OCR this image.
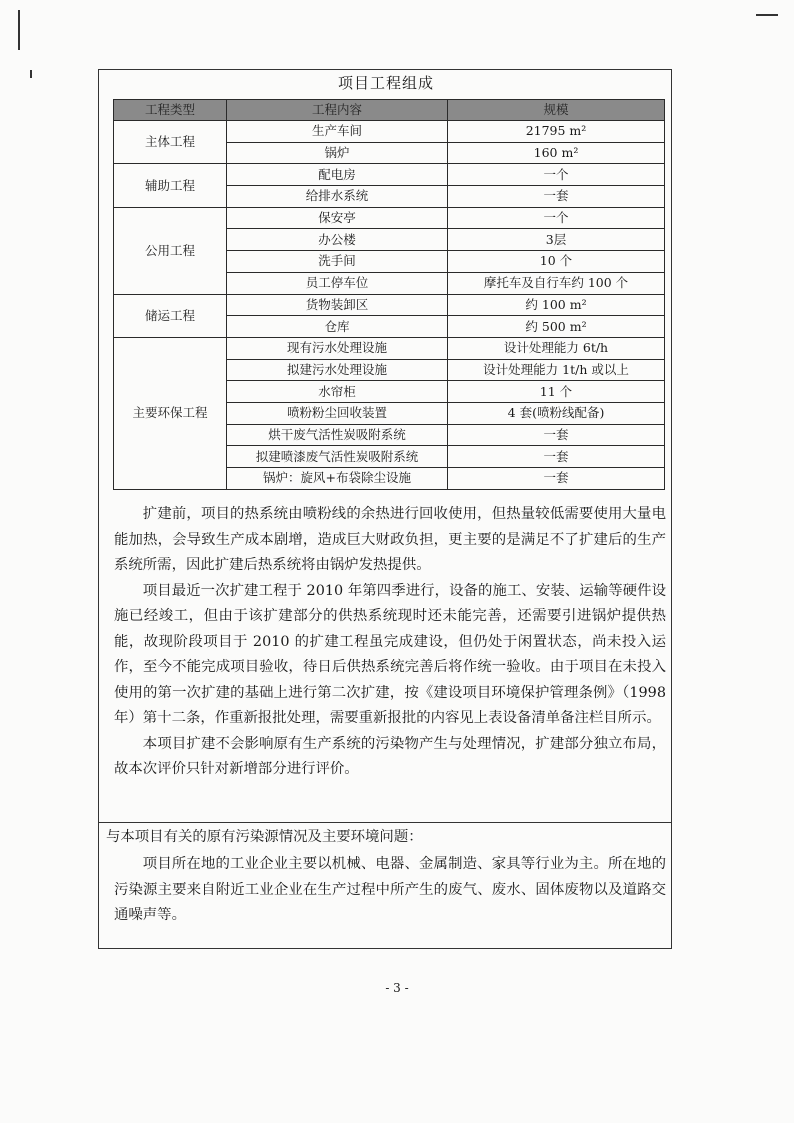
项目工程组成
工程类型	工程内容	规模
主体工程	生产车间	21795 m²
	锅炉	160 m²
辅助工程	配电房	一个
	给排水系统	一套
公用工程	保安亭	一个
	办公楼	3层
	洗手间	10 个
	员工停车位	摩托车及自行车约 100 个
储运工程	货物装卸区	约 100 m²
	仓库	约 500 m²
主要环保工程	现有污水处理设施	设计处理能力 6t/h
	拟建污水处理设施	设计处理能力 1t/h 或以上
	水帘柜	11 个
	喷粉粉尘回收装置	4 套(喷粉线配备)
	烘干废气活性炭吸附系统	一套
	拟建喷漆废气活性炭吸附系统	一套
	锅炉：旋风+布袋除尘设施	一套

扩建前，项目的热系统由喷粉线的余热进行回收使用，但热量较低需要使用大量电能加热，会导致生产成本剧增，造成巨大财政负担，更主要的是满足不了扩建后的生产系统所需，因此扩建后热系统将由锅炉发热提供。

项目最近一次扩建工程于 2010 年第四季进行，设备的施工、安装、运输等硬件设施已经竣工，但由于该扩建部分的供热系统现时还未能完善，还需要引进锅炉提供热能，故现阶段项目于 2010 的扩建工程虽完成建设，但仍处于闲置状态，尚未投入运作，至今不能完成项目验收，待日后供热系统完善后将作统一验收。由于项目在未投入使用的第一次扩建的基础上进行第二次扩建，按《建设项目环境保护管理条例》（1998 年）第十二条，作重新报批处理，需要重新报批的内容见上表设备清单备注栏目所示。

本项目扩建不会影响原有生产系统的污染物产生与处理情况，扩建部分独立布局，故本次评价只针对新增部分进行评价。

与本项目有关的原有污染源情况及主要环境问题：

项目所在地的工业企业主要以机械、电器、金属制造、家具等行业为主。所在地的污染源主要来自附近工业企业在生产过程中所产生的废气、废水、固体废物以及道路交通噪声等。

- 3 -
